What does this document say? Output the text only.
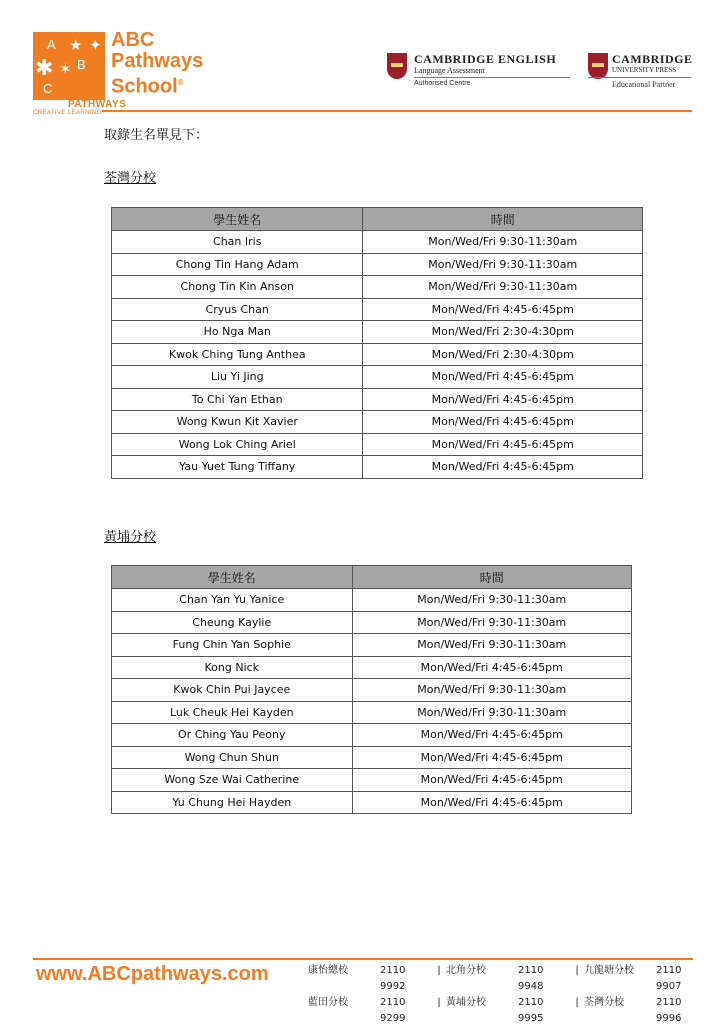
A
B
C
★ ✦
✶
✱
ABC
Pathways
School®
PATHWAYS
CREATIVE LEARNING
CAMBRIDGE ENGLISH
Language Assessment
Authorised Centre
CAMBRIDGE
UNIVERSITY PRESS
Educational Partner
取錄生名單見下：
荃灣分校
學生姓名	時間
Chan Iris	Mon/Wed/Fri 9:30-11:30am
Chong Tin Hang Adam	Mon/Wed/Fri 9:30-11:30am
Chong Tin Kin Anson	Mon/Wed/Fri 9:30-11:30am
Cryus Chan	Mon/Wed/Fri 4:45-6:45pm
Ho Nga Man	Mon/Wed/Fri 2:30-4:30pm
Kwok Ching Tung Anthea	Mon/Wed/Fri 2:30-4:30pm
Liu Yi Jing	Mon/Wed/Fri 4:45-6:45pm
To Chi Yan Ethan	Mon/Wed/Fri 4:45-6:45pm
Wong Kwun Kit Xavier	Mon/Wed/Fri 4:45-6:45pm
Wong Lok Ching Ariel	Mon/Wed/Fri 4:45-6:45pm
Yau Yuet Tung Tiffany	Mon/Wed/Fri 4:45-6:45pm
黃埔分校
學生姓名	時間
Chan Yan Yu Yanice	Mon/Wed/Fri 9:30-11:30am
Cheung Kaylie	Mon/Wed/Fri 9:30-11:30am
Fung Chin Yan Sophie	Mon/Wed/Fri 9:30-11:30am
Kong Nick	Mon/Wed/Fri 4:45-6:45pm
Kwok Chin Pui Jaycee	Mon/Wed/Fri 9:30-11:30am
Luk Cheuk Hei Kayden	Mon/Wed/Fri 9:30-11:30am
Or Ching Yau Peony	Mon/Wed/Fri 4:45-6:45pm
Wong Chun Shun	Mon/Wed/Fri 4:45-6:45pm
Wong Sze Wai Catherine	Mon/Wed/Fri 4:45-6:45pm
Yu Chung Hei Hayden	Mon/Wed/Fri 4:45-6:45pm
www.ABCpathways.com	康怡總校	2110 9992
| 北角分校	2110 9948
| 九龍塘分校	2110 9907
藍田分校	2110 9299
| 黃埔分校	2110 9995
| 荃灣分校	2110 9996
